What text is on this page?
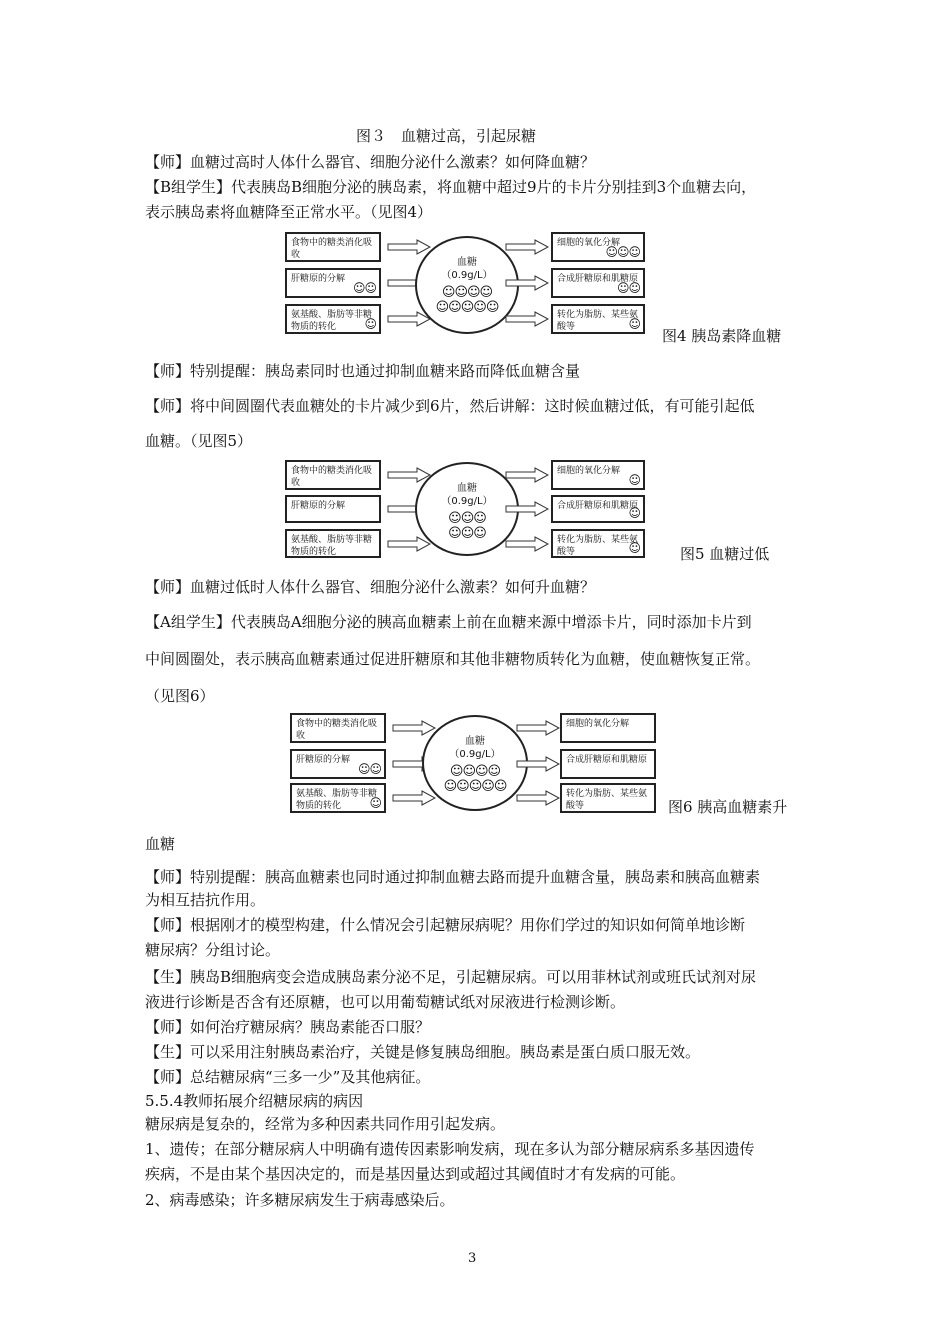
图３　血糖过高，引起尿糖
【师】血糖过高时人体什么器官、细胞分泌什么激素？如何降血糖？
【B组学生】代表胰岛B细胞分泌的胰岛素，将血糖中超过9片的卡片分别挂到3个血糖去向，
表示胰岛素将血糖降至正常水平。（见图4）
食物中的糖类消化吸收
肝糖原的分解
☺☺
氨基酸、脂肪等非糖物质的转化 ☺
血糖
（0.9g/L）
☺☺☺☺
☺☺☺☺☺
细胞的氧化分解
☺☺☺
合成肝糖原和肌糖原
☺☺
转化为脂肪、某些氨酸等	☺
图4 胰岛素降血糖
【师】特别提醒：胰岛素同时也通过抑制血糖来路而降低血糖含量
【师】将中间圆圈代表血糖处的卡片减少到6片，然后讲解：这时候血糖过低，有可能引起低
血糖。（见图5）
食物中的糖类消化吸收
肝糖原的分解
氨基酸、脂肪等非糖物质的转化
血糖
（0.9g/L）
☺☺☺
☺☺☺
细胞的氧化分解
☺
合成肝糖原和肌糖原
☺
转化为脂肪、某些氨酸等	☺	图5 血糖过低
【师】血糖过低时人体什么器官、细胞分泌什么激素？如何升血糖？
【A组学生】代表胰岛A细胞分泌的胰高血糖素上前在血糖来源中增添卡片，同时添加卡片到
中间圆圈处，表示胰高血糖素通过促进肝糖原和其他非糖物质转化为血糖，使血糖恢复正常。
（见图6）
食物中的糖类消化吸收
肝糖原的分解
☺☺
氨基酸、脂肪等非糖物质的转化 ☺
血糖
（0.9g/L）
☺☺☺☺
☺☺☺☺☺
细胞的氧化分解
合成肝糖原和肌糖原
转化为脂肪、某些氨酸等	图6 胰高血糖素升
血糖
【师】特别提醒：胰高血糖素也同时通过抑制血糖去路而提升血糖含量，胰岛素和胰高血糖素
为相互拮抗作用。
【师】根据刚才的模型构建，什么情况会引起糖尿病呢？用你们学过的知识如何简单地诊断
糖尿病？分组讨论。
【生】胰岛B细胞病变会造成胰岛素分泌不足，引起糖尿病。可以用菲林试剂或班氏试剂对尿
液进行诊断是否含有还原糖，也可以用葡萄糖试纸对尿液进行检测诊断。
【师】如何治疗糖尿病？胰岛素能否口服？
【生】可以采用注射胰岛素治疗，关键是修复胰岛细胞。胰岛素是蛋白质口服无效。
【师】总结糖尿病“三多一少”及其他病征。
5.5.4教师拓展介绍糖尿病的病因
糖尿病是复杂的，经常为多种因素共同作用引起发病。
1、遗传；在部分糖尿病人中明确有遗传因素影响发病，现在多认为部分糖尿病系多基因遗传
疾病，不是由某个基因决定的，而是基因量达到或超过其阈值时才有发病的可能。
2、病毒感染；许多糖尿病发生于病毒感染后。
3
